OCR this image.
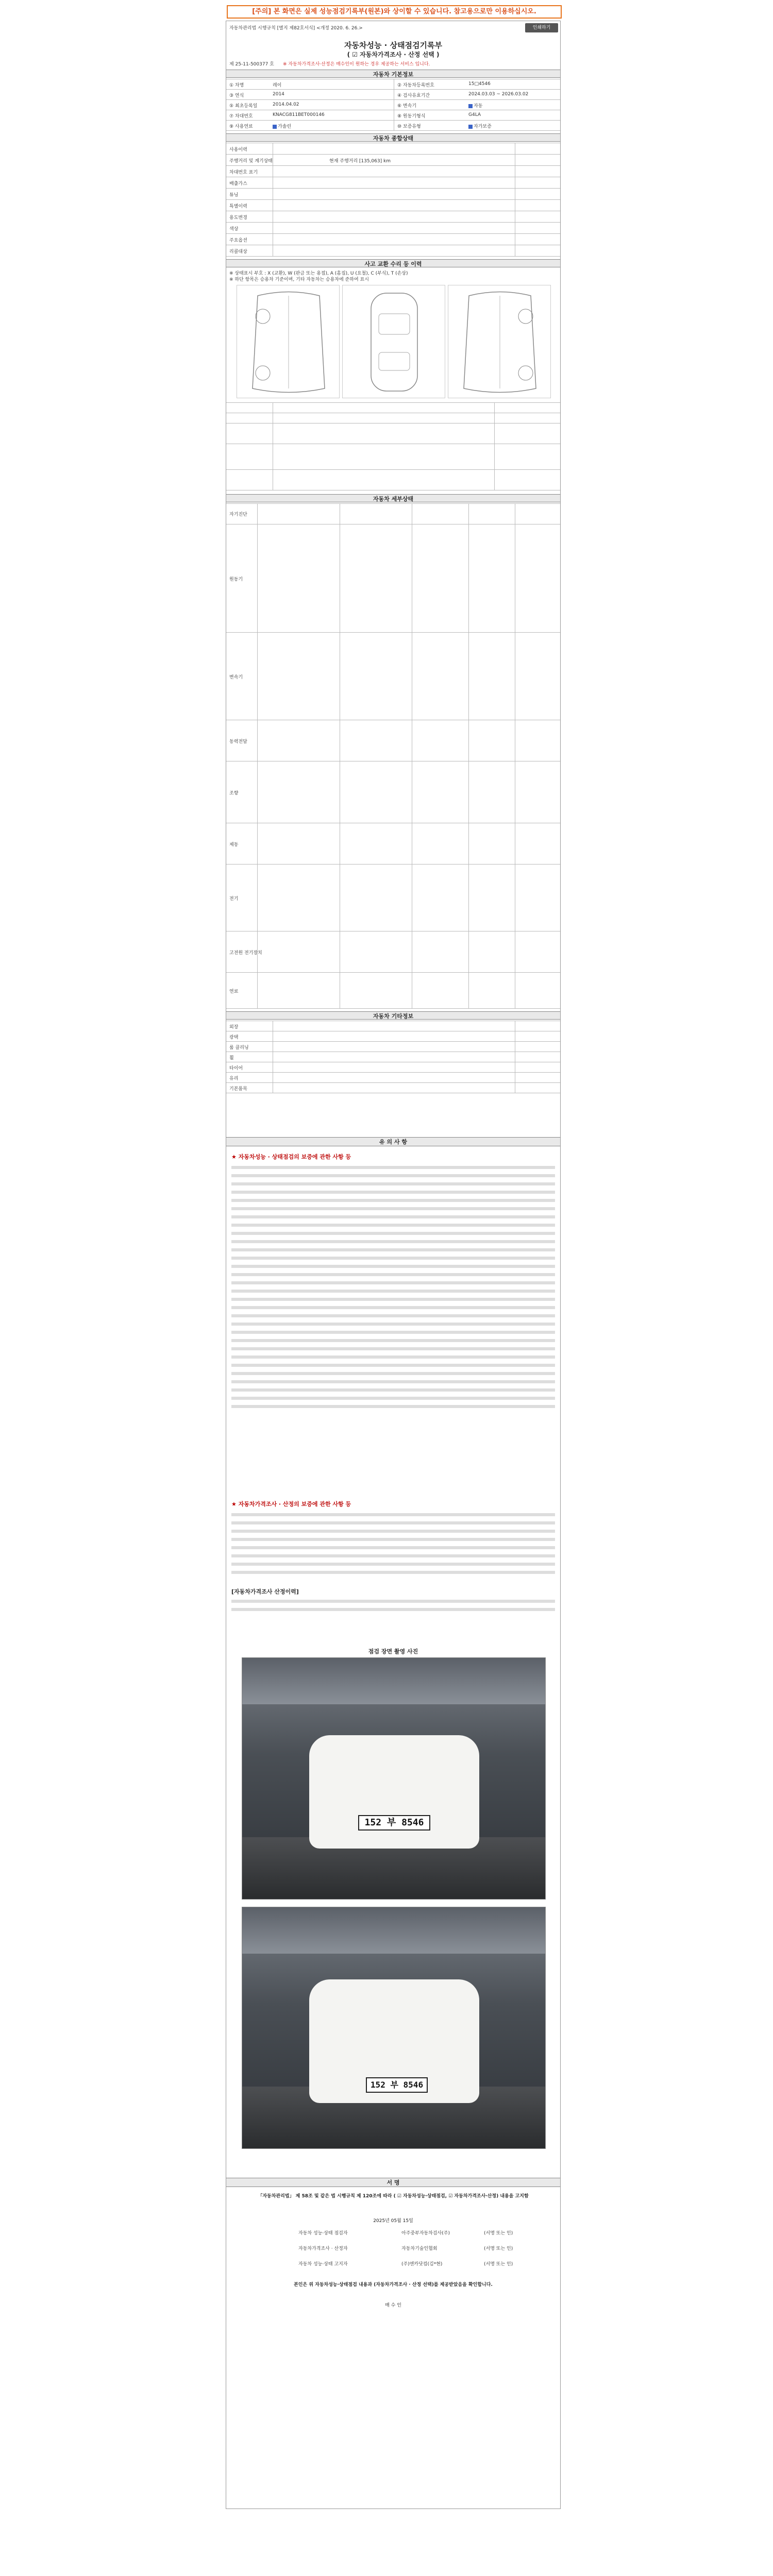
[주의] 본 화면은 실제 성능점검기록부(원본)와 상이할 수 있습니다. 참고용으로만 이용하십시오.
자동차관리법 시행규칙 [별지 제82호서식] <개정 2020. 6. 26.>	인쇄하기
자동차성능 · 상태점검기록부
( ☑ 자동차가격조사 · 산정 선택 )
제 25-11-500377 호 ※ 자동차가격조사·산정은 매수인이 원하는 경우 제공하는 서비스 입니다.
자동차 기본정보
① 차명	레이	② 자동차등록번호	15□4546
③ 연식	2014	④ 검사유효기간	2024.03.03 ~ 2026.03.02
⑤ 최초등록일	2014.04.02	⑥ 변속기	자동
⑦ 차대번호	KNACG811BET000146	⑧ 원동기형식	G4LA
⑨ 사용연료	가솔린	⑩ 보증유형	자가보증
자동차 종합상태
사용이력
주행거리 및 계기상태	현재 주행거리 [135,063] km
차대번호 표기
배출가스
튜닝
특별이력
용도변경
색상
주요옵션
리콜대상
사고 교환 수리 등 이력
※ 상태표시 부호 : X (교환), W (판금 또는 용접), A (흠집), U (요철), C (부식), T (손상)
※ 하단 항목은 승용차 기준이며, 기타 자동차는 승용차에 준하여 표시
자동차 세부상태
자기진단
원동기
변속기
동력전달
조향
제동
전기
고전원 전기장치
연료
자동차 기타정보
외장
광택
룸 클리닝
휠
타이어
유리
기본품목
유 의 사 항
★ 자동차성능 · 상태점검의 보증에 관한 사항 등
★ 자동차가격조사 · 산정의 보증에 관한 사항 등
[자동차가격조사 산정이력]
점검 장면 촬영 사진
152 부 8546
152 부 8546
서 명
「자동차관리법」 제 58조 및 같은 법 시행규칙 제 120조에 따라 ( ☑ 자동차성능·상태점검, ☑ 자동차가격조사·산정) 내용을 고지함
2025년 05월 15일
자동차 성능·상태 점검자	아주중부자동차검사(주)	(서명 또는 인)
자동차가격조사 · 산정자	자동차기술인협회	(서명 또는 인)
자동차 성능·상태 고지자	(주)엔카닷컴(김*현)	(서명 또는 인)
본인은 위 자동차성능·상태점검 내용과 (자동차가격조사 · 산정 선택)를 제공받았음을 확인합니다.
매 수 인
